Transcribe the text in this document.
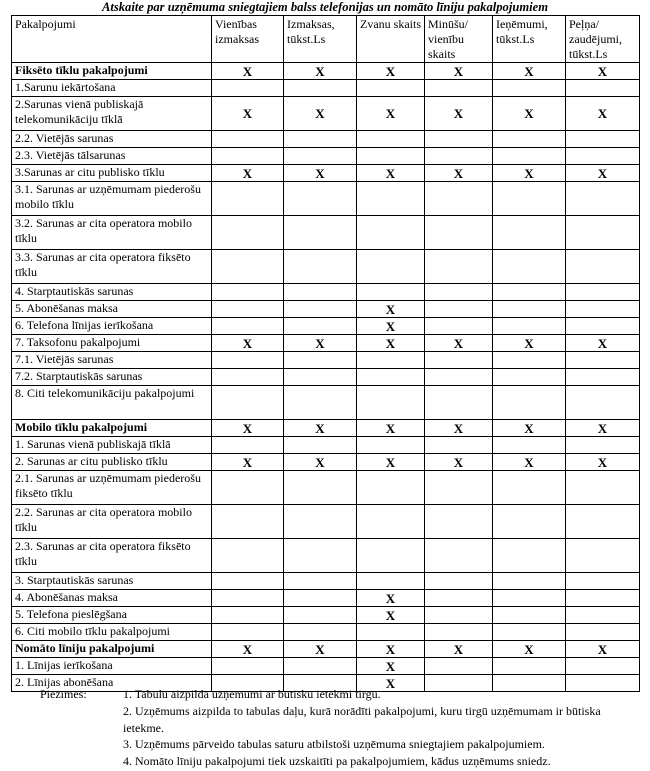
Atskaite par uzņēmuma sniegtajiem balss telefonijas un nomāto līniju pakalpojumiem
Pakalpojumi	Vienības izmaksas	Izmaksas, tūkst.Ls	Zvanu skaits	Minūšu/ vienību skaits	Ieņēmumi, tūkst.Ls	Peļņa/ zaudējumi, tūkst.Ls
Fiksēto tīklu pakalpojumi	X	X	X	X	X	X
1.Sarunu iekārtošana						
2.Sarunas vienā publiskajā telekomunikāciju tīklā	X	X	X	X	X	X
2.2. Vietējās sarunas						
2.3. Vietējās tālsarunas						
3.Sarunas ar citu publisko tīklu	X	X	X	X	X	X
3.1. Sarunas ar uzņēmumam piederošu mobilo tīklu						
3.2. Sarunas ar cita operatora mobilo tīklu						
3.3. Sarunas ar cita operatora fiksēto tīklu						
4. Starptautiskās sarunas						
5. Abonēšanas maksa			X			
6. Telefona līnijas ierīkošana			X			
7. Taksofonu pakalpojumi	X	X	X	X	X	X
7.1. Vietējās sarunas						
7.2. Starptautiskās sarunas						
8. Citi telekomunikāciju pakalpojumi						
Mobilo tīklu pakalpojumi	X	X	X	X	X	X
1. Sarunas vienā publiskajā tīklā						
2. Sarunas ar citu publisko tīklu	X	X	X	X	X	X
2.1. Sarunas ar uzņēmumam piederošu fiksēto tīklu						
2.2. Sarunas ar cita operatora mobilo tīklu						
2.3. Sarunas ar cita operatora fiksēto tīklu						
3. Starptautiskās sarunas						
4. Abonēšanas maksa			X			
5. Telefona pieslēgšana			X			
6. Citi mobilo tīklu pakalpojumi						
Nomāto līniju pakalpojumi	X	X	X	X	X	X
1. Līnijas ierīkošana			X			
2. Līnijas abonēšana			X			
Piezīmes:	1. Tabulu aizpilda uzņēmumi ar būtisku ietekmi tirgū.
2. Uzņēmums aizpilda to tabulas daļu, kurā norādīti pakalpojumi, kuru tirgū uzņēmumam ir būtiska ietekme.
3. Uzņēmums pārveido tabulas saturu atbilstoši uzņēmuma sniegtajiem pakalpojumiem.
4. Nomāto līniju pakalpojumi tiek uzskaitīti pa pakalpojumiem, kādus uzņēmums sniedz.
